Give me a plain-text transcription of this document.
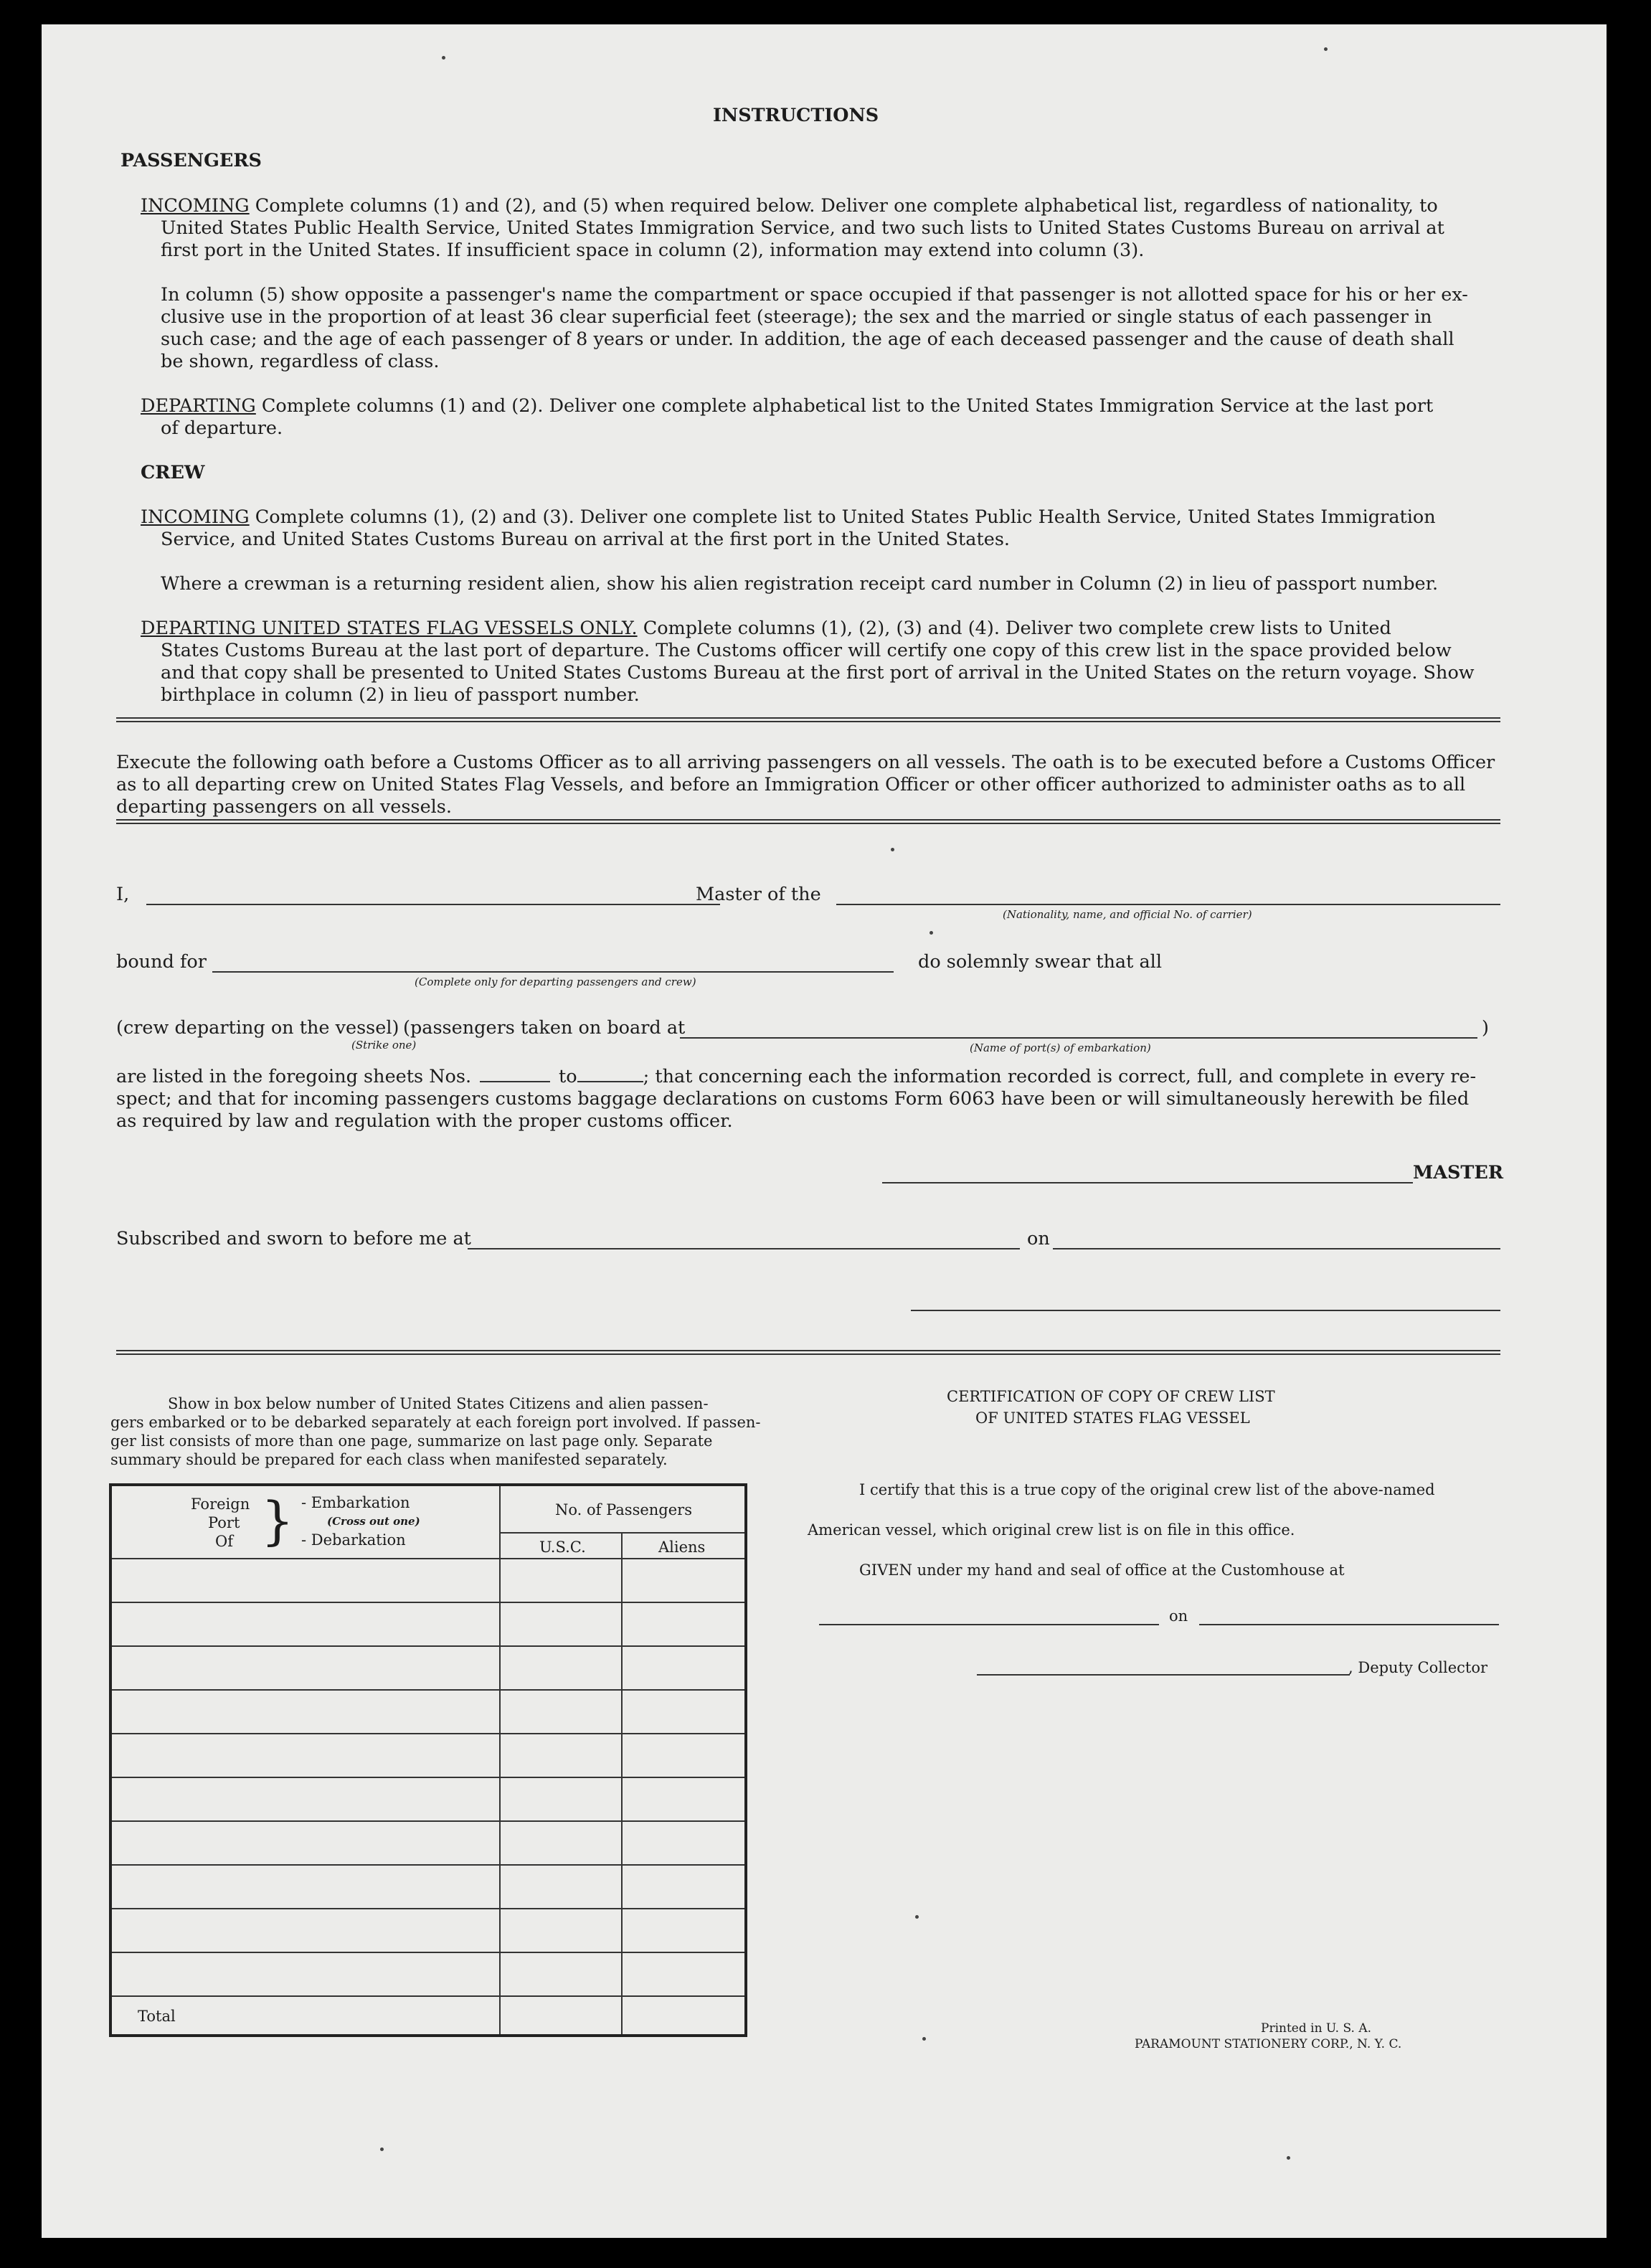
INSTRUCTIONS
PASSENGERS
INCOMING Complete columns (1) and (2), and (5) when required below. Deliver one complete alphabetical list, regardless of nationality, to
United States Public Health Service, United States Immigration Service, and two such lists to United States Customs Bureau on arrival at
first port in the United States. If insufficient space in column (2), information may extend into column (3).
In column (5) show opposite a passenger's name the compartment or space occupied if that passenger is not allotted space for his or her ex-
clusive use in the proportion of at least 36 clear superficial feet (steerage); the sex and the married or single status of each passenger in
such case; and the age of each passenger of 8 years or under. In addition, the age of each deceased passenger and the cause of death shall
be shown, regardless of class.
DEPARTING Complete columns (1) and (2). Deliver one complete alphabetical list to the United States Immigration Service at the last port
of departure.
CREW
INCOMING Complete columns (1), (2) and (3). Deliver one complete list to United States Public Health Service, United States Immigration
Service, and United States Customs Bureau on arrival at the first port in the United States.
Where a crewman is a returning resident alien, show his alien registration receipt card number in Column (2) in lieu of passport number.
DEPARTING UNITED STATES FLAG VESSELS ONLY. Complete columns (1), (2), (3) and (4). Deliver two complete crew lists to United
States Customs Bureau at the last port of departure. The Customs officer will certify one copy of this crew list in the space provided below
and that copy shall be presented to United States Customs Bureau at the first port of arrival in the United States on the return voyage. Show
birthplace in column (2) in lieu of passport number.
Execute the following oath before a Customs Officer as to all arriving passengers on all vessels. The oath is to be executed before a Customs Officer
as to all departing crew on United States Flag Vessels, and before an Immigration Officer or other officer authorized to administer oaths as to all
departing passengers on all vessels.
I,	Master of the
(Nationality, name, and official No. of carrier)
bound for
(Complete only for departing passengers and crew)
do solemnly swear that all
(crew departing on the vessel) (passengers taken on board at	)
(Strike one)	(Name of port(s) of embarkation)
are listed in the foregoing sheets Nos.	to	; that concerning each the information recorded is correct, full, and complete in every re-
spect; and that for incoming passengers customs baggage declarations on customs Form 6063 have been or will simultaneously herewith be filed
as required by law and regulation with the proper customs officer.
MASTER
Subscribed and sworn to before me at	on
Show in box below number of United States Citizens and alien passen-
gers embarked or to be debarked separately at each foreign port involved. If passen-
ger list consists of more than one page, summarize on last page only. Separate
summary should be prepared for each class when manifested separately.
Foreign
Port
Of } - Embarkation
(Cross out one)
- Debarkation
No. of Passengers
U.S.C.	Aliens
Total
CERTIFICATION OF COPY OF CREW LIST
OF UNITED STATES FLAG VESSEL
I certify that this is a true copy of the original crew list of the above-named
American vessel, which original crew list is on file in this office.
GIVEN under my hand and seal of office at the Customhouse at
on
, Deputy Collector
Printed in U. S. A.
PARAMOUNT STATIONERY CORP., N. Y. C.
